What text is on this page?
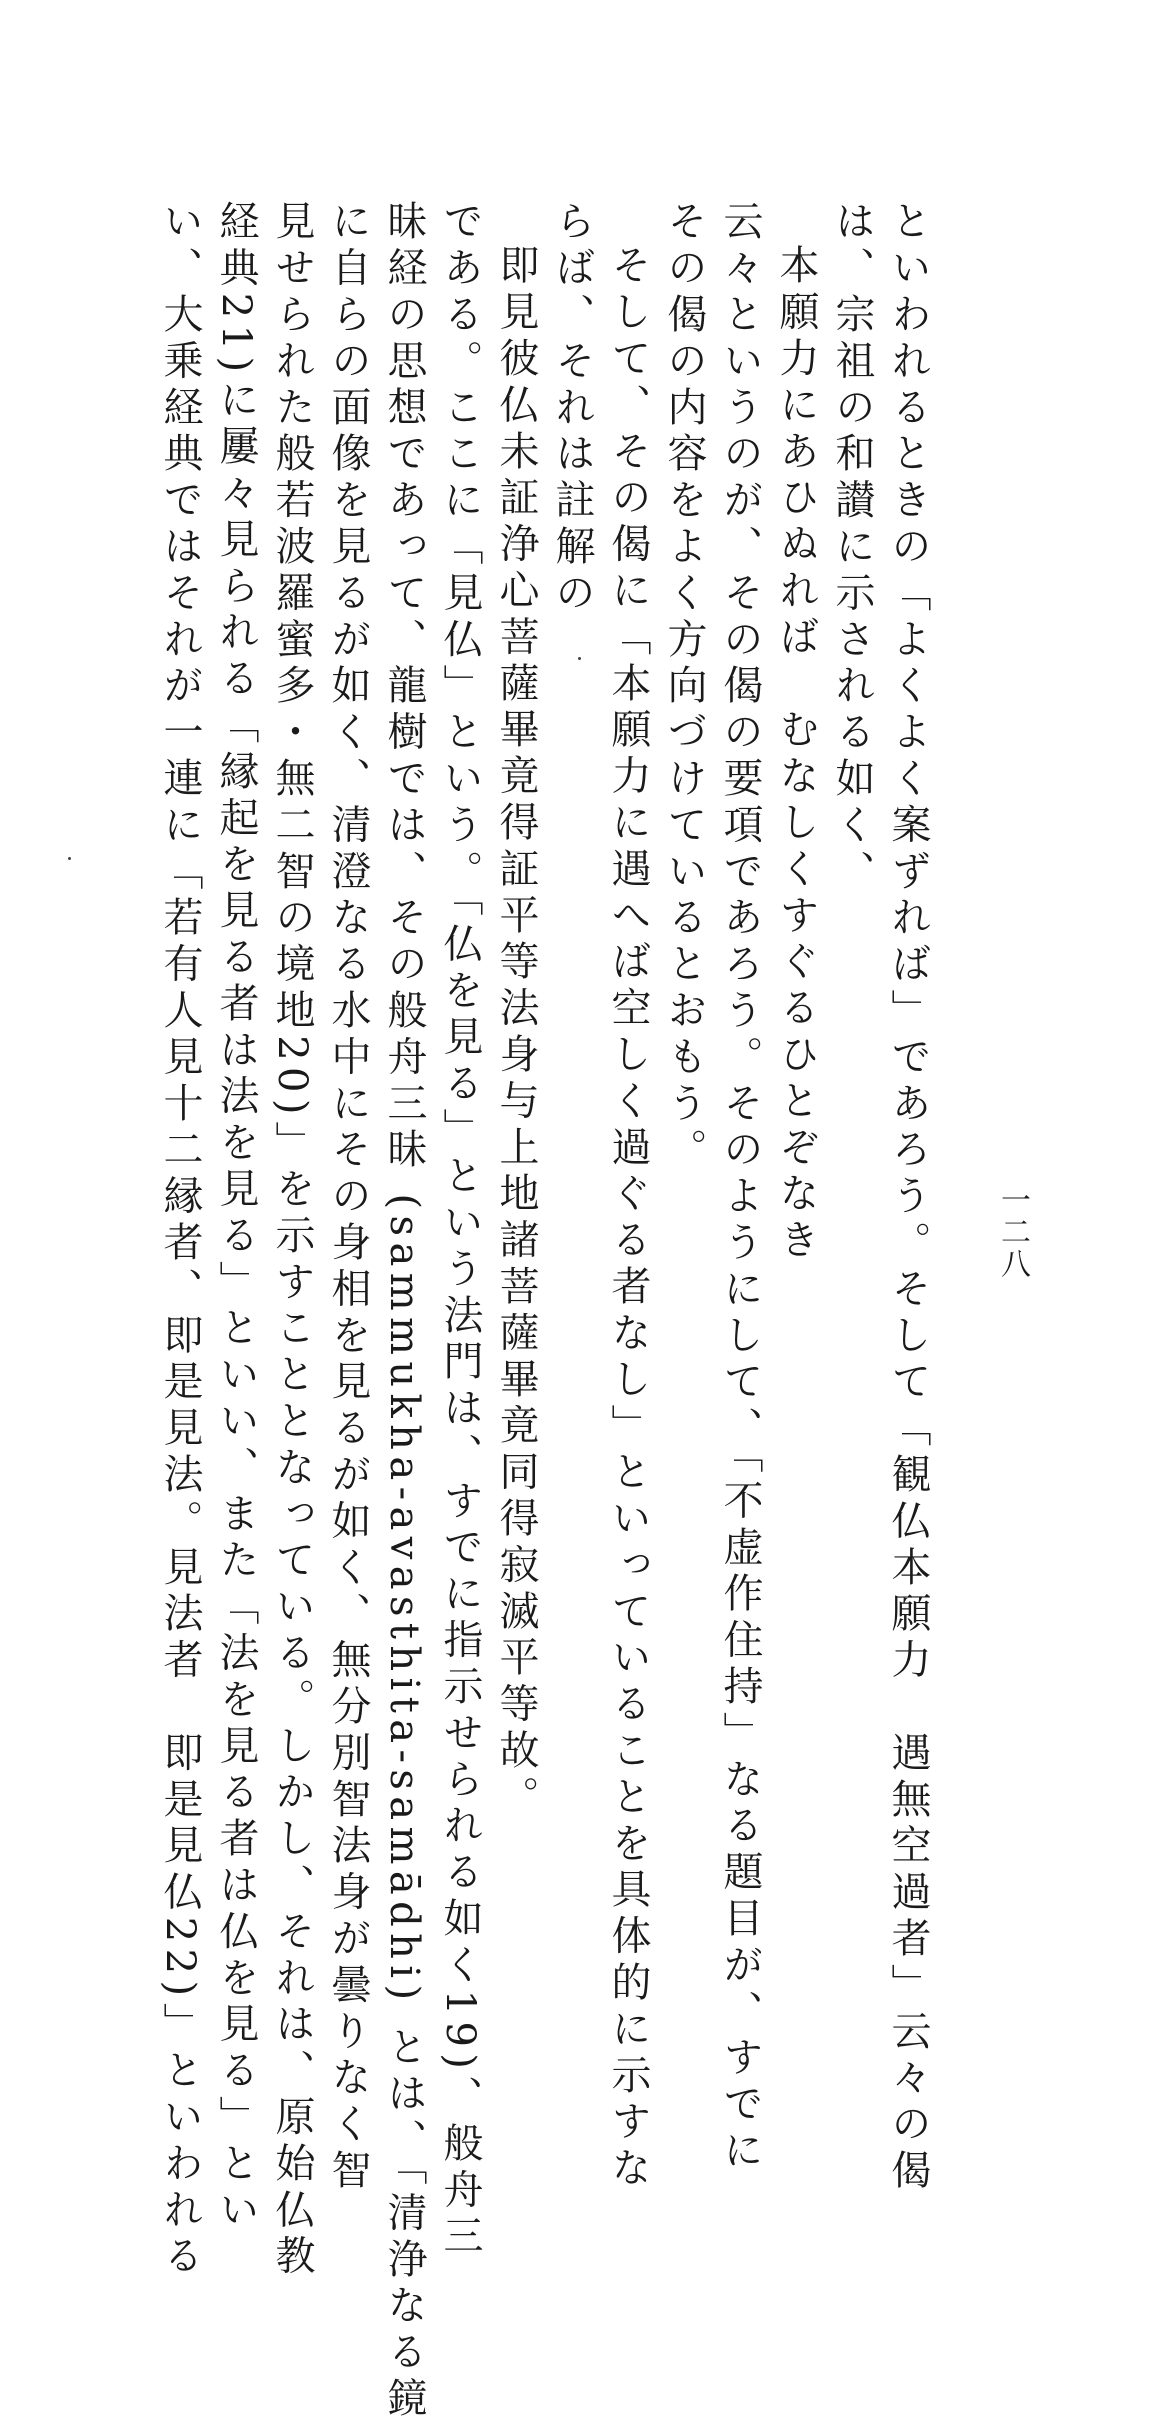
一二八
といわれるときの「よくよく案ずれば」であろう。そして「観仏本願力　遇無空過者」云々の偈
は、宗祖の和讃に示される如く、
本願力にあひぬれば　むなしくすぐるひとぞなき
云々というのが、その偈の要項であろう。そのようにして、「不虚作住持」なる題目が、すでに
その偈の内容をよく方向づけているとおもう。
そして、その偈に「本願力に遇へば空しく過ぐる者なし」といっていることを具体的に示すな
らば、それは註解の
即見彼仏未証浄心菩薩畢竟得証平等法身与上地諸菩薩畢竟同得寂滅平等故。
である。ここに「見仏」という。「仏を見る」という法門は、すでに指示せられる如く19)、般舟三
昧経の思想であって、龍樹では、その般舟三昧 (sammukha-avasthita-samādhi) とは、「清浄なる鏡
に自らの面像を見るが如く、清澄なる水中にその身相を見るが如く、無分別智法身が曇りなく智
見せられた般若波羅蜜多・無二智の境地20)」を示すこととなっている。しかし、それは、原始仏教
経典21)に屢々見られる「縁起を見る者は法を見る」といい、また「法を見る者は仏を見る」とい
い、大乗経典ではそれが一連に「若有人見十二縁者、即是見法。見法者　即是見仏22)」といわれる
